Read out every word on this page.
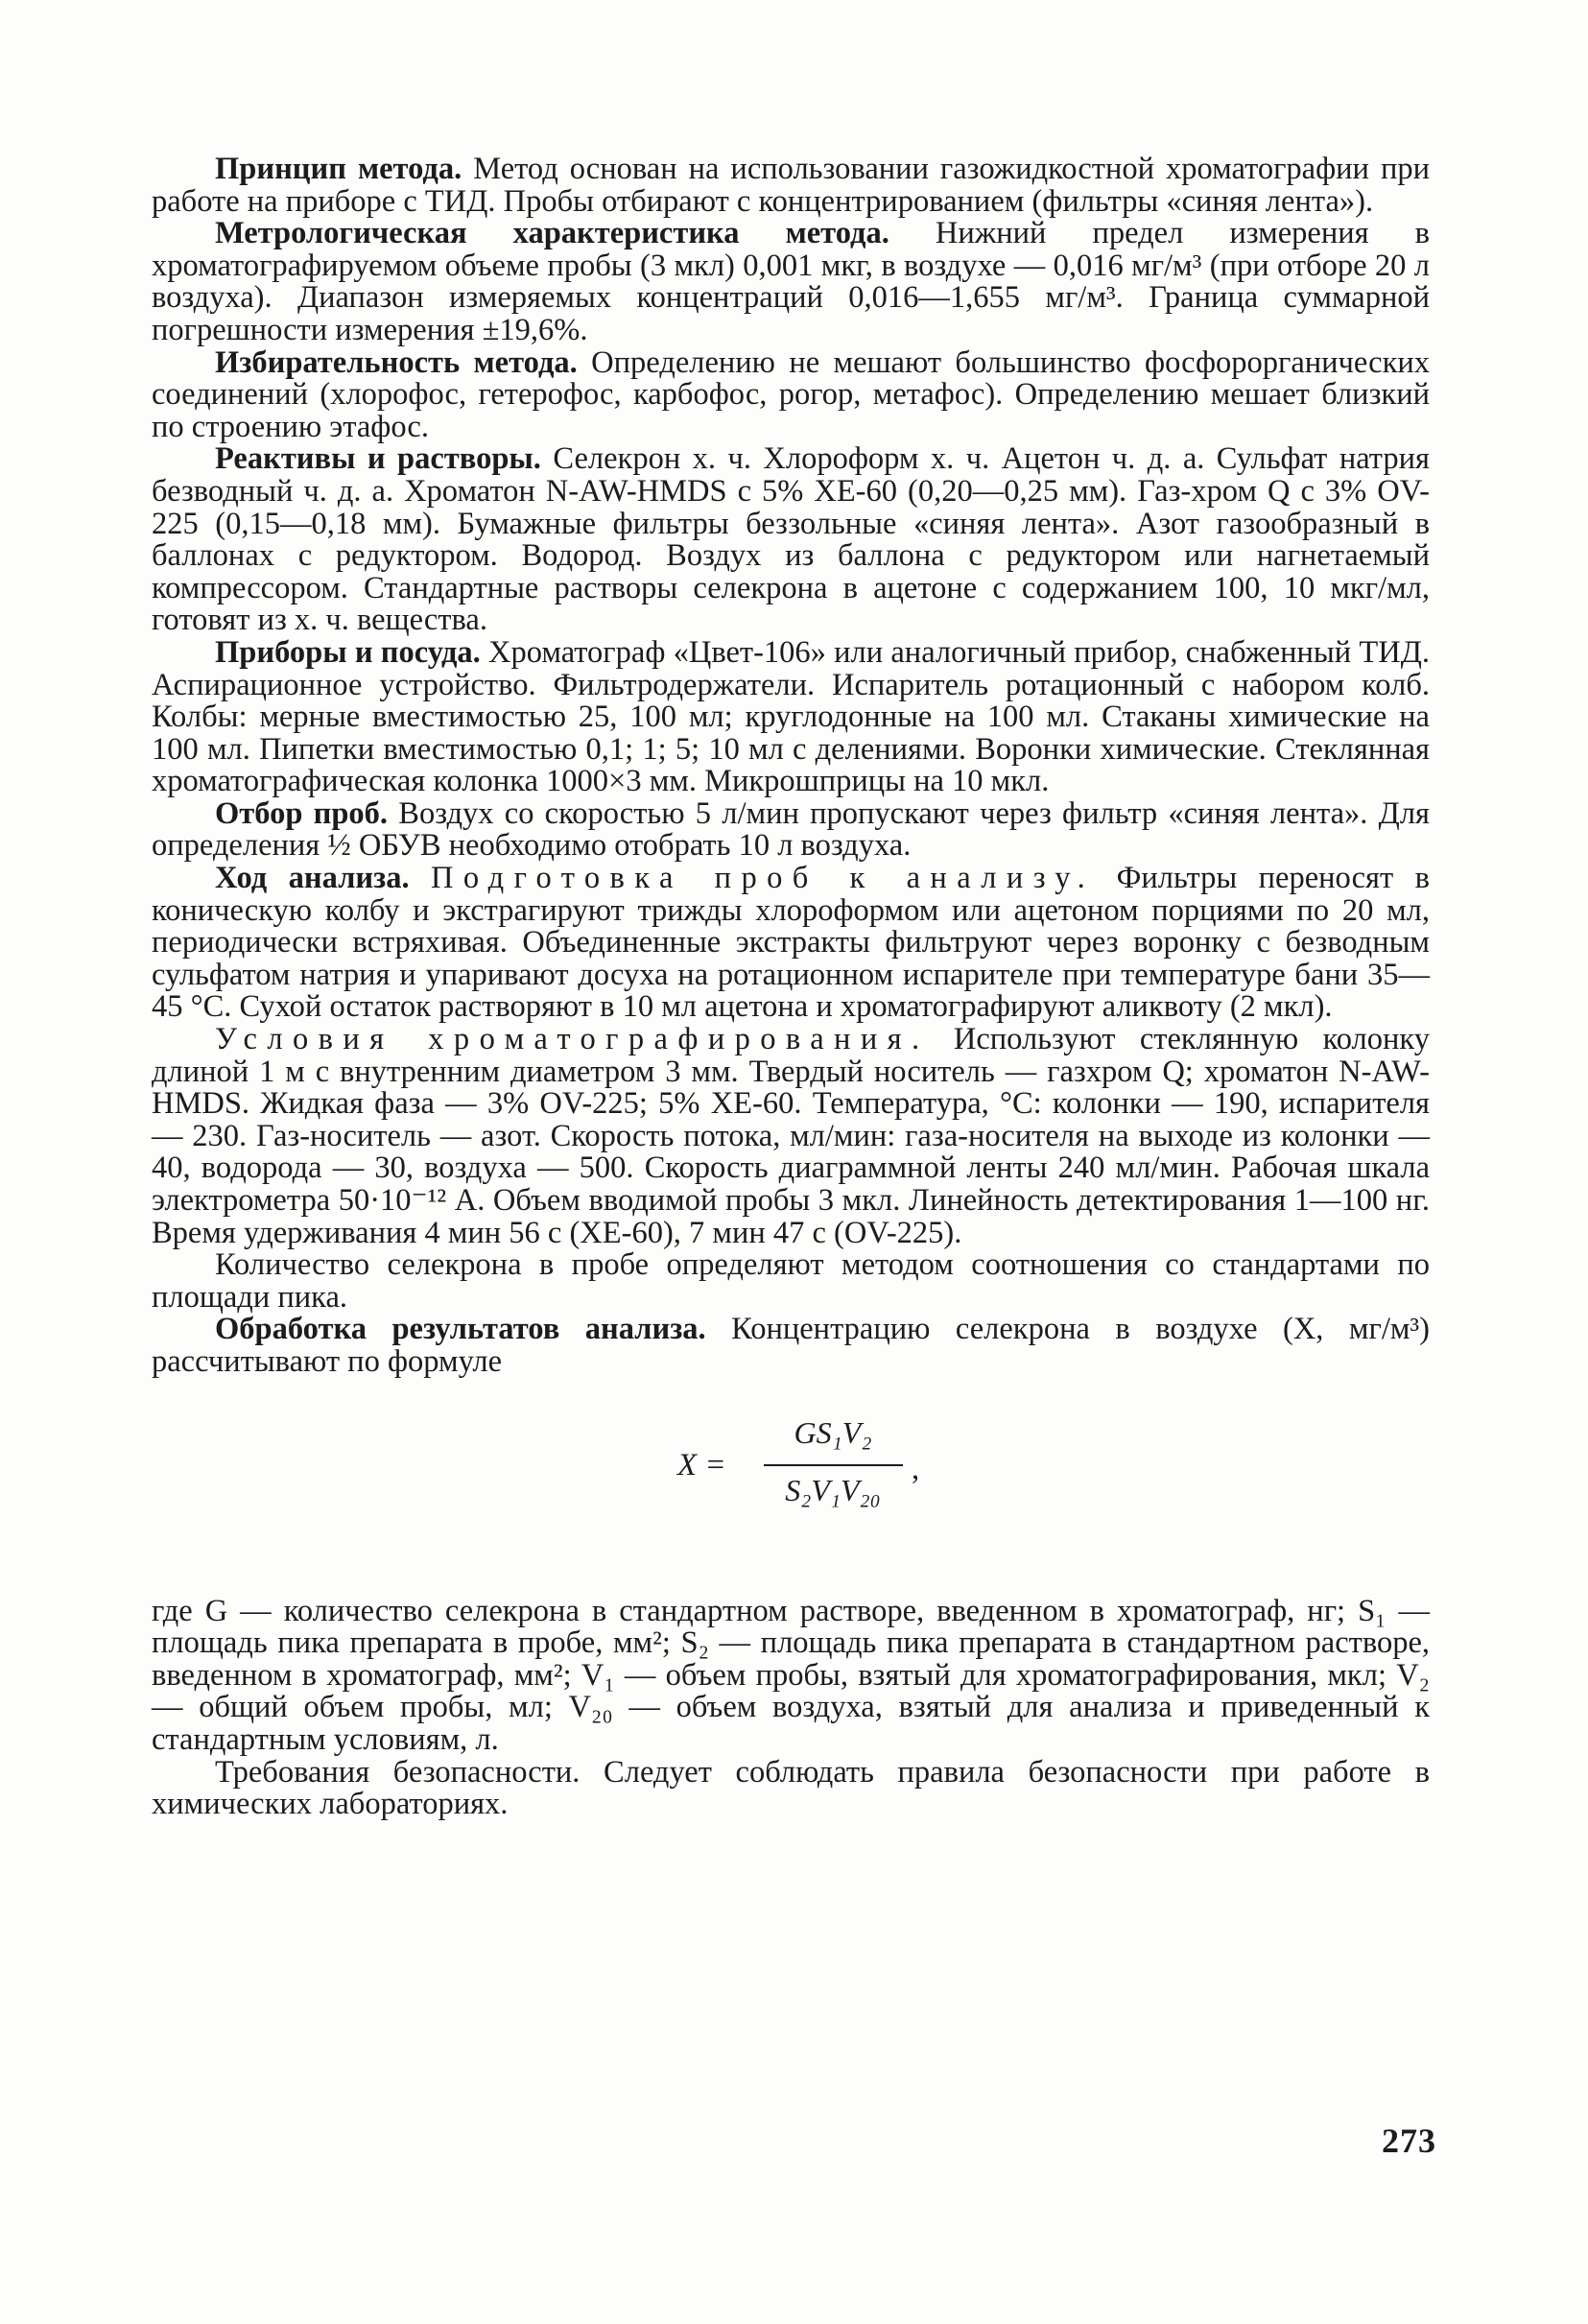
Принцип метода. Метод основан на использовании газожидкостной хроматографии при работе на приборе с ТИД. Пробы отбирают с концентрированием (фильтры «синяя лента»).

Метрологическая характеристика метода. Нижний предел измерения в хроматографируемом объеме пробы (3 мкл) 0,001 мкг, в воздухе — 0,016 мг/м³ (при отборе 20 л воздуха). Диапазон измеряемых концентраций 0,016—1,655 мг/м³. Граница суммарной погрешности измерения ±19,6%.

Избирательность метода. Определению не мешают большинство фосфорорганических соединений (хлорофос, гетерофос, карбофос, рогор, метафос). Определению мешает близкий по строению этафос.

Реактивы и растворы. Селекрон х. ч. Хлороформ х. ч. Ацетон ч. д. а. Сульфат натрия безводный ч. д. а. Хроматон N-AW-HMDS с 5% XE-60 (0,20—0,25 мм). Газ-хром Q с 3% OV-225 (0,15—0,18 мм). Бумажные фильтры беззольные «синяя лента». Азот газообразный в баллонах с редуктором. Водород. Воздух из баллона с редуктором или нагнетаемый компрессором. Стандартные растворы селекрона в ацетоне с содержанием 100, 10 мкг/мл, готовят из х. ч. вещества.

Приборы и посуда. Хроматограф «Цвет-106» или аналогичный прибор, снабженный ТИД. Аспирационное устройство. Фильтродержатели. Испаритель ротационный с набором колб. Колбы: мерные вместимостью 25, 100 мл; круглодонные на 100 мл. Стаканы химические на 100 мл. Пипетки вместимостью 0,1; 1; 5; 10 мл с делениями. Воронки химические. Стеклянная хроматографическая колонка 1000×3 мм. Микрошприцы на 10 мкл.

Отбор проб. Воздух со скоростью 5 л/мин пропускают через фильтр «синяя лента». Для определения ½ ОБУВ необходимо отобрать 10 л воздуха.

Ход анализа. Подготовка проб к анализу. Фильтры переносят в коническую колбу и экстрагируют трижды хлороформом или ацетоном порциями по 20 мл, периодически встряхивая. Объединенные экстракты фильтруют через воронку с безводным сульфатом натрия и упаривают досуха на ротационном испарителе при температуре бани 35—45 °С. Сухой остаток растворяют в 10 мл ацетона и хроматографируют аликвоту (2 мкл).

Условия хроматографирования. Используют стеклянную колонку длиной 1 м с внутренним диаметром 3 мм. Твердый носитель — газхром Q; хроматон N-AW-HMDS. Жидкая фаза — 3% OV-225; 5% XE-60. Температура, °С: колонки — 190, испарителя — 230. Газ-носитель — азот. Скорость потока, мл/мин: газа-носителя на выходе из колонки — 40, водорода — 30, воздуха — 500. Скорость диаграммной ленты 240 мл/мин. Рабочая шкала электрометра 50·10⁻¹² А. Объем вводимой пробы 3 мкл. Линейность детектирования 1—100 нг. Время удерживания 4 мин 56 с (XE-60), 7 мин 47 с (OV-225).

Количество селекрона в пробе определяют методом соотношения со стандартами по площади пика.

Обработка результатов анализа. Концентрацию селекрона в воздухе (X, мг/м³) рассчитывают по формуле

X =
GS₁V₂
S₂V₁V₂₀
,

где G — количество селекрона в стандартном растворе, введенном в хроматограф, нг; S₁ — площадь пика препарата в пробе, мм²; S₂ — площадь пика препарата в стандартном растворе, введенном в хроматограф, мм²; V₁ — объем пробы, взятый для хроматографирования, мкл; V₂ — общий объем пробы, мл; V₂₀ — объем воздуха, взятый для анализа и приведенный к стандартным условиям, л.

Требования безопасности. Следует соблюдать правила безопасности при работе в химических лабораториях.

273
